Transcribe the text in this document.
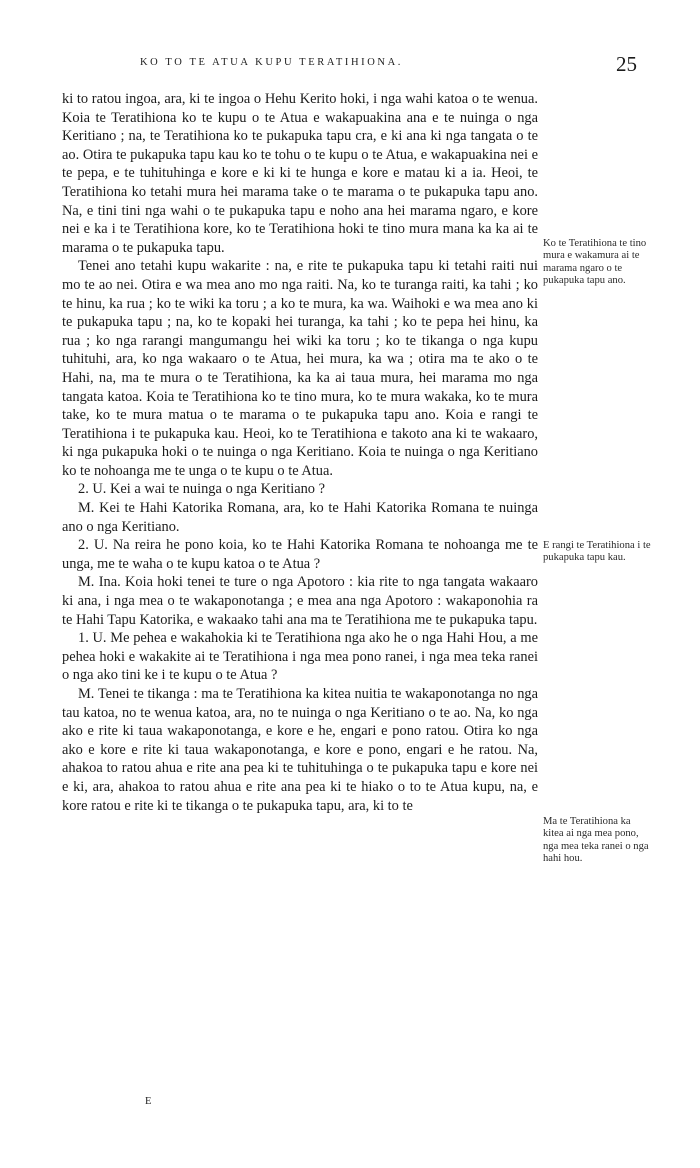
KO TO TE ATUA KUPU TERATIHIONA.	25

ki to ratou ingoa, ara, ki te ingoa o Hehu Kerito hoki, i nga wahi katoa o te wenua. Koia te Teratihiona ko te kupu o te Atua e wakapuakina ana e te nuinga o nga Keritiano ; na, te Teratihiona ko te pukapuka tapu cra, e ki ana ki nga tangata o te ao. Otira te pukapuka tapu kau ko te tohu o te kupu o te Atua, e wakapuakina nei e te pepa, e te tuhituhinga e kore e ki ki te hunga e kore e matau ki a ia. Heoi, te Teratihiona ko tetahi mura hei marama take o te marama o te pukapuka tapu ano. Na, e tini tini nga wahi o te pukapuka tapu e noho ana hei marama ngaro, e kore nei e ka i te Teratihiona kore, ko te Teratihiona hoki te tino mura mana ka ka ai te marama o te pukapuka tapu.

Tenei ano tetahi kupu wakarite : na, e rite te pukapuka tapu ki tetahi raiti nui mo te ao nei. Otira e wa mea ano mo nga raiti. Na, ko te turanga raiti, ka tahi ; ko te hinu, ka rua ; ko te wiki ka toru ; a ko te mura, ka wa. Waihoki e wa mea ano ki te pukapuka tapu ; na, ko te kopaki hei turanga, ka tahi ; ko te pepa hei hinu, ka rua ; ko nga rarangi mangumangu hei wiki ka toru ; ko te tikanga o nga kupu tuhituhi, ara, ko nga wakaaro o te Atua, hei mura, ka wa ; otira ma te ako o te Hahi, na, ma te mura o te Teratihiona, ka ka ai taua mura, hei marama mo nga tangata katoa. Koia te Teratihiona ko te tino mura, ko te mura wakaka, ko te mura take, ko te mura matua o te marama o te pukapuka tapu ano. Koia e rangi te Teratihiona i te pukapuka kau. Heoi, ko te Teratihiona e takoto ana ki te wakaaro, ki nga pukapuka hoki o te nuinga o nga Keritiano. Koia te nuinga o nga Keritiano ko te nohoanga me te unga o te kupu o te Atua.

2. U. Kei a wai te nuinga o nga Keritiano ?

M. Kei te Hahi Katorika Romana, ara, ko te Hahi Katorika Romana te nuinga ano o nga Keritiano.

2. U. Na reira he pono koia, ko te Hahi Katorika Romana te nohoanga me te unga, me te waha o te kupu katoa o te Atua ?

M. Ina. Koia hoki tenei te ture o nga Apotoro : kia rite to nga tangata wakaaro ki ana, i nga mea o te wakaponotanga ; e mea ana nga Apotoro : wakaponohia ra te Hahi Tapu Katorika, e wakaako tahi ana ma te Teratihiona me te pukapuka tapu.

1. U. Me pehea e wakahokia ki te Teratihiona nga ako he o nga Hahi Hou, a me pehea hoki e wakakite ai te Teratihiona i nga mea pono ranei, i nga mea teka ranei o nga ako tini ke i te kupu o te Atua ?

M. Tenei te tikanga : ma te Teratihiona ka kitea nuitia te wakaponotanga no nga tau katoa, no te wenua katoa, ara, no te nuinga o nga Keritiano o te ao. Na, ko nga ako e rite ki taua wakaponotanga, e kore e he, engari e pono ratou. Otira ko nga ako e kore e rite ki taua wakaponotanga, e kore e pono, engari e he ratou. Na, ahakoa to ratou ahua e rite ana pea ki te tuhituhinga o te pukapuka tapu e kore nei e ki, ara, ahakoa to ratou ahua e rite ana pea ki te hiako o to te Atua kupu, na, e kore ratou e rite ki te tikanga o te pukapuka tapu, ara, ki to te

Ko te Teratihiona te tino mura e wakamura ai te marama ngaro o te pukapuka tapu ano.
E rangi te Teratihiona i te pukapuka tapu kau.
Ma te Teratihiona ka kitea ai nga mea pono, nga mea teka ranei o nga hahi hou.
E
